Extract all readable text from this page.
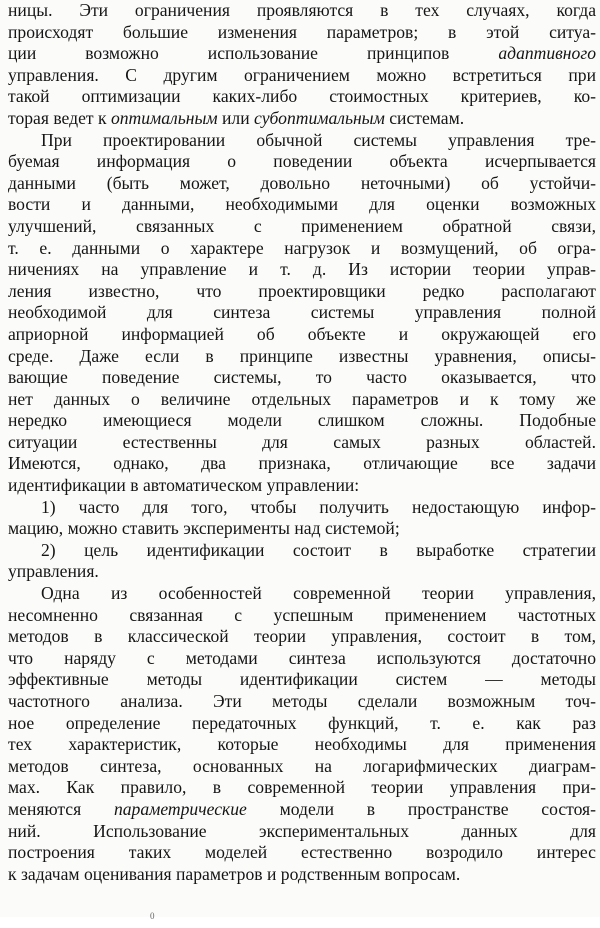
ницы. Эти ограничения проявляются в тех случаях, когда
происходят большие изменения параметров; в этой ситуа-
ции возможно использование принципов адаптивного
управления. С другим ограничением можно встретиться при
такой оптимизации каких-либо стоимостных критериев, ко-
торая ведет к оптимальным или субоптимальным системам.
При проектировании обычной системы управления тре-
буемая информация о поведении объекта исчерпывается
данными (быть может, довольно неточными) об устойчи-
вости и данными, необходимыми для оценки возможных
улучшений, связанных с применением обратной связи,
т. е. данными о характере нагрузок и возмущений, об огра-
ничениях на управление и т. д. Из истории теории управ-
ления известно, что проектировщики редко располагают
необходимой для синтеза системы управления полной
априорной информацией об объекте и окружающей его
среде. Даже если в принципе известны уравнения, описы-
вающие поведение системы, то часто оказывается, что
нет данных о величине отдельных параметров и к тому же
нередко имеющиеся модели слишком сложны. Подобные
ситуации естественны для самых разных областей.
Имеются, однако, два признака, отличающие все задачи
идентификации в автоматическом управлении:
1) часто для того, чтобы получить недостающую инфор-
мацию, можно ставить эксперименты над системой;
2) цель идентификации состоит в выработке стратегии
управления.
Одна из особенностей современной теории управления,
несомненно связанная с успешным применением частотных
методов в классической теории управления, состоит в том,
что наряду с методами синтеза используются достаточно
эффективные методы идентификации систем — методы
частотного анализа. Эти методы сделали возможным точ-
ное определение передаточных функций, т. е. как раз
тех характеристик, которые необходимы для применения
методов синтеза, основанных на логарифмических диаграм-
мах. Как правило, в современной теории управления при-
меняются параметрические модели в пространстве состоя-
ний. Использование экспериментальных данных для
построения таких моделей естественно возродило интерес
к задачам оценивания параметров и родственным вопросам.
0
